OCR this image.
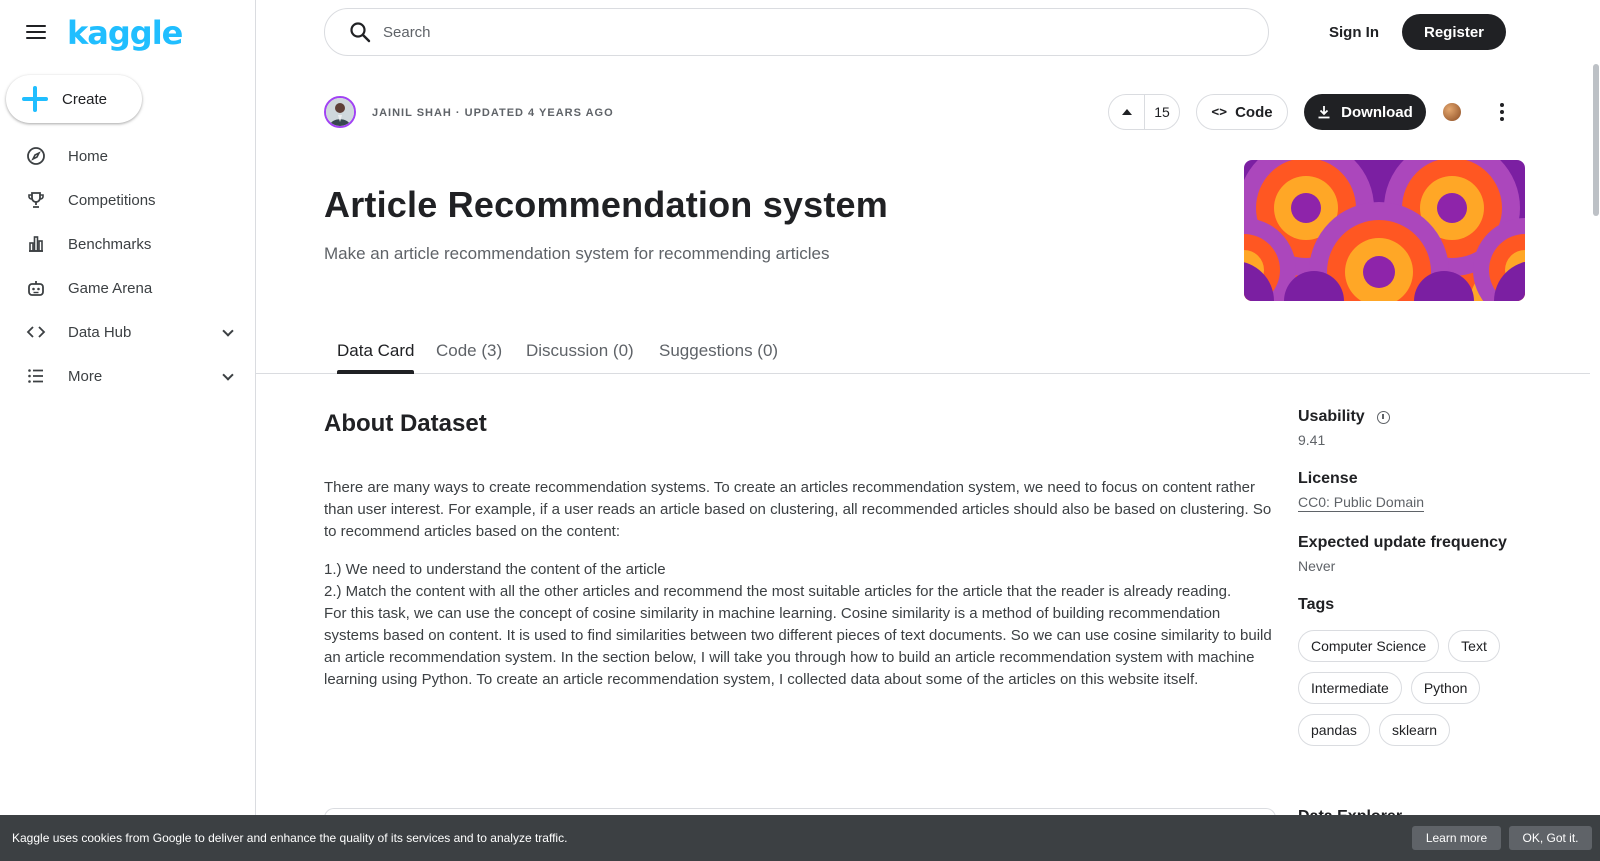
kaggle
Create
Home
Competitions
Benchmarks
Game Arena
Data Hub
More
Search
Sign In	Register
JAINIL SHAH · UPDATED 4 YEARS AGO	15	<> Code	Download
Article Recommendation system
Make an article recommendation system for recommending articles
Data Card Code (3) Discussion (0) Suggestions (0)
About Dataset

There are many ways to create recommendation systems. To create an articles recommendation system, we need to focus on content rather than user interest. For example, if a user reads an article based on clustering, all recommended articles should also be based on clustering. So to recommend articles based on the content:

1.) We need to understand the content of the article
2.) Match the content with all the other articles and recommend the most suitable articles for the article that the reader is already reading.
For this task, we can use the concept of cosine similarity in machine learning. Cosine similarity is a method of building recommendation systems based on content. It is used to find similarities between two different pieces of text documents. So we can use cosine similarity to build an article recommendation system. In the section below, I will take you through how to build an article recommendation system with machine learning using Python. To create an article recommendation system, I collected data about some of the articles on this website itself.
Usability
9.41
License
CC0: Public Domain
Expected update frequency
Never
Tags
Computer Science	Text
Intermediate	Python
pandas	sklearn
Kaggle uses cookies from Google to deliver and enhance the quality of its services and to analyze traffic.	Learn more	OK, Got it.
